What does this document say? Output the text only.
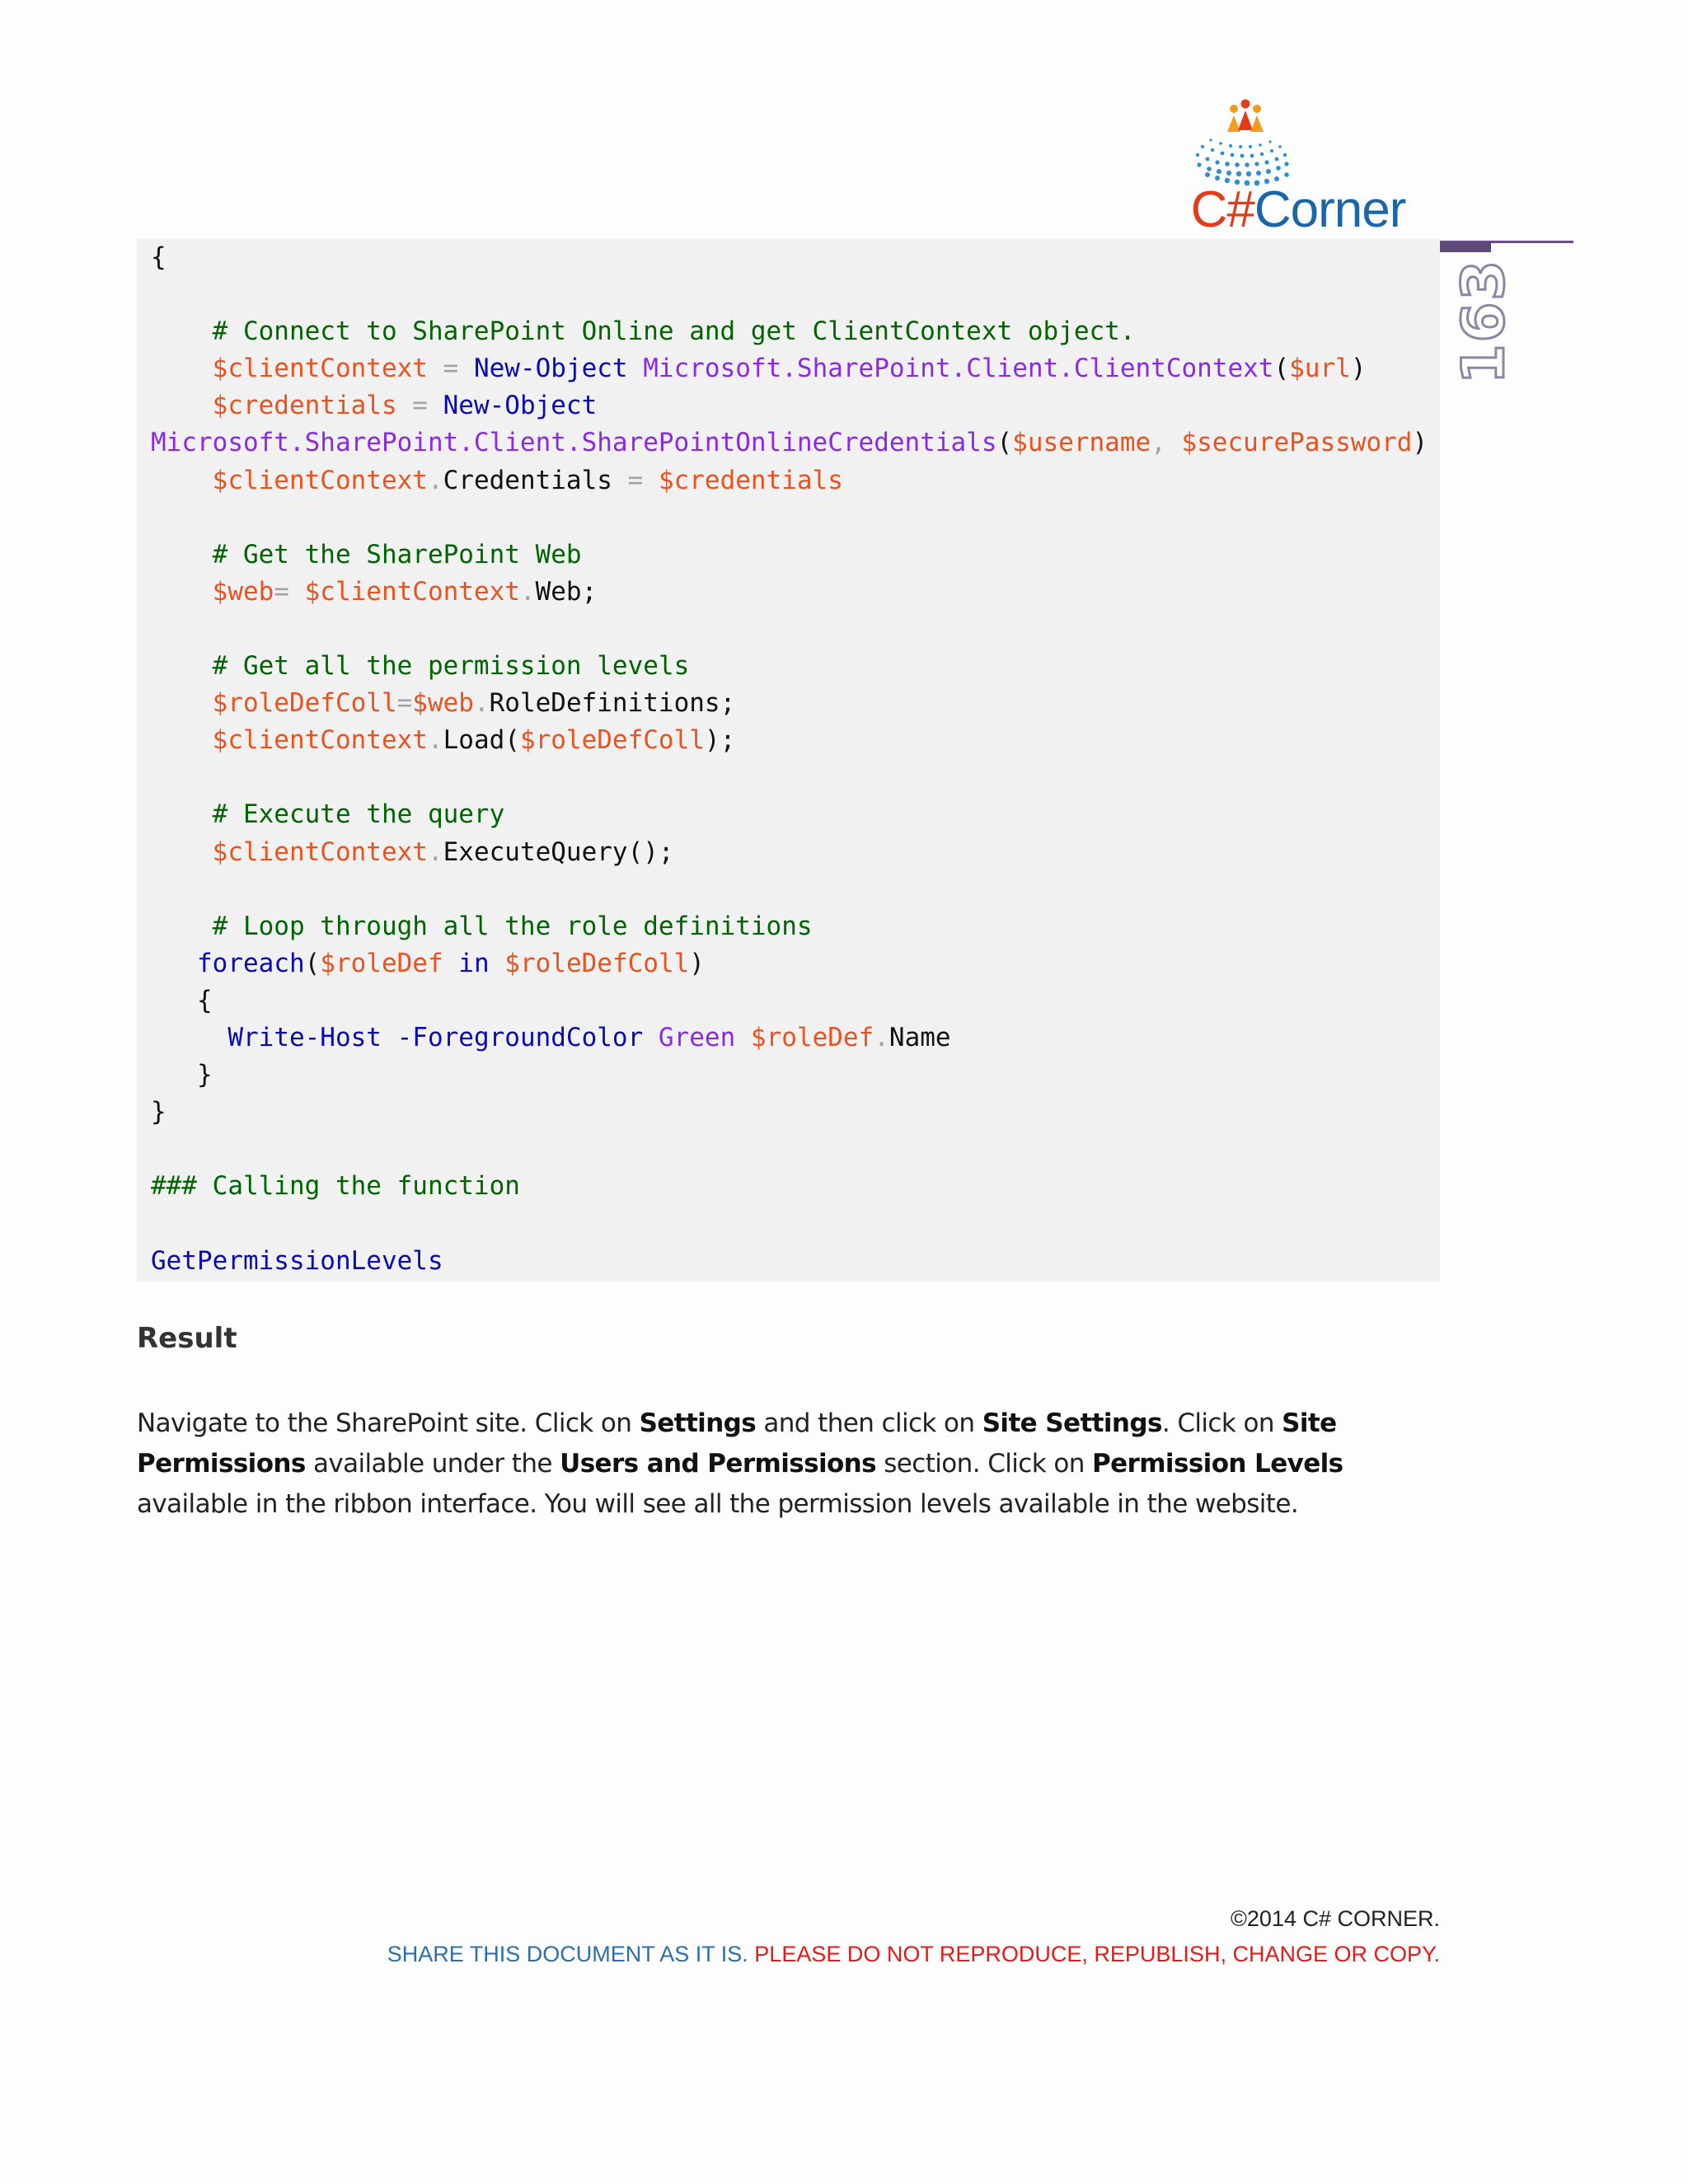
C#Corner
163
{

# Connect to SharePoint Online and get ClientContext object.
$clientContext = New-Object Microsoft.SharePoint.Client.ClientContext($url)
$credentials = New-Object
Microsoft.SharePoint.Client.SharePointOnlineCredentials($username, $securePassword)
$clientContext.Credentials = $credentials

# Get the SharePoint Web
$web= $clientContext.Web;

# Get all the permission levels
$roleDefColl=$web.RoleDefinitions;
$clientContext.Load($roleDefColl);

# Execute the query
$clientContext.ExecuteQuery();

# Loop through all the role definitions
foreach($roleDef in $roleDefColl)
{
Write-Host -ForegroundColor Green $roleDef.Name
}
}

### Calling the function

GetPermissionLevels
Result
Navigate to the SharePoint site. Click on Settings and then click on Site Settings. Click on Site Permissions available under the Users and Permissions section. Click on Permission Levels available in the ribbon interface. You will see all the permission levels available in the website.
©2014 C# CORNER.
SHARE THIS DOCUMENT AS IT IS. PLEASE DO NOT REPRODUCE, REPUBLISH, CHANGE OR COPY.
